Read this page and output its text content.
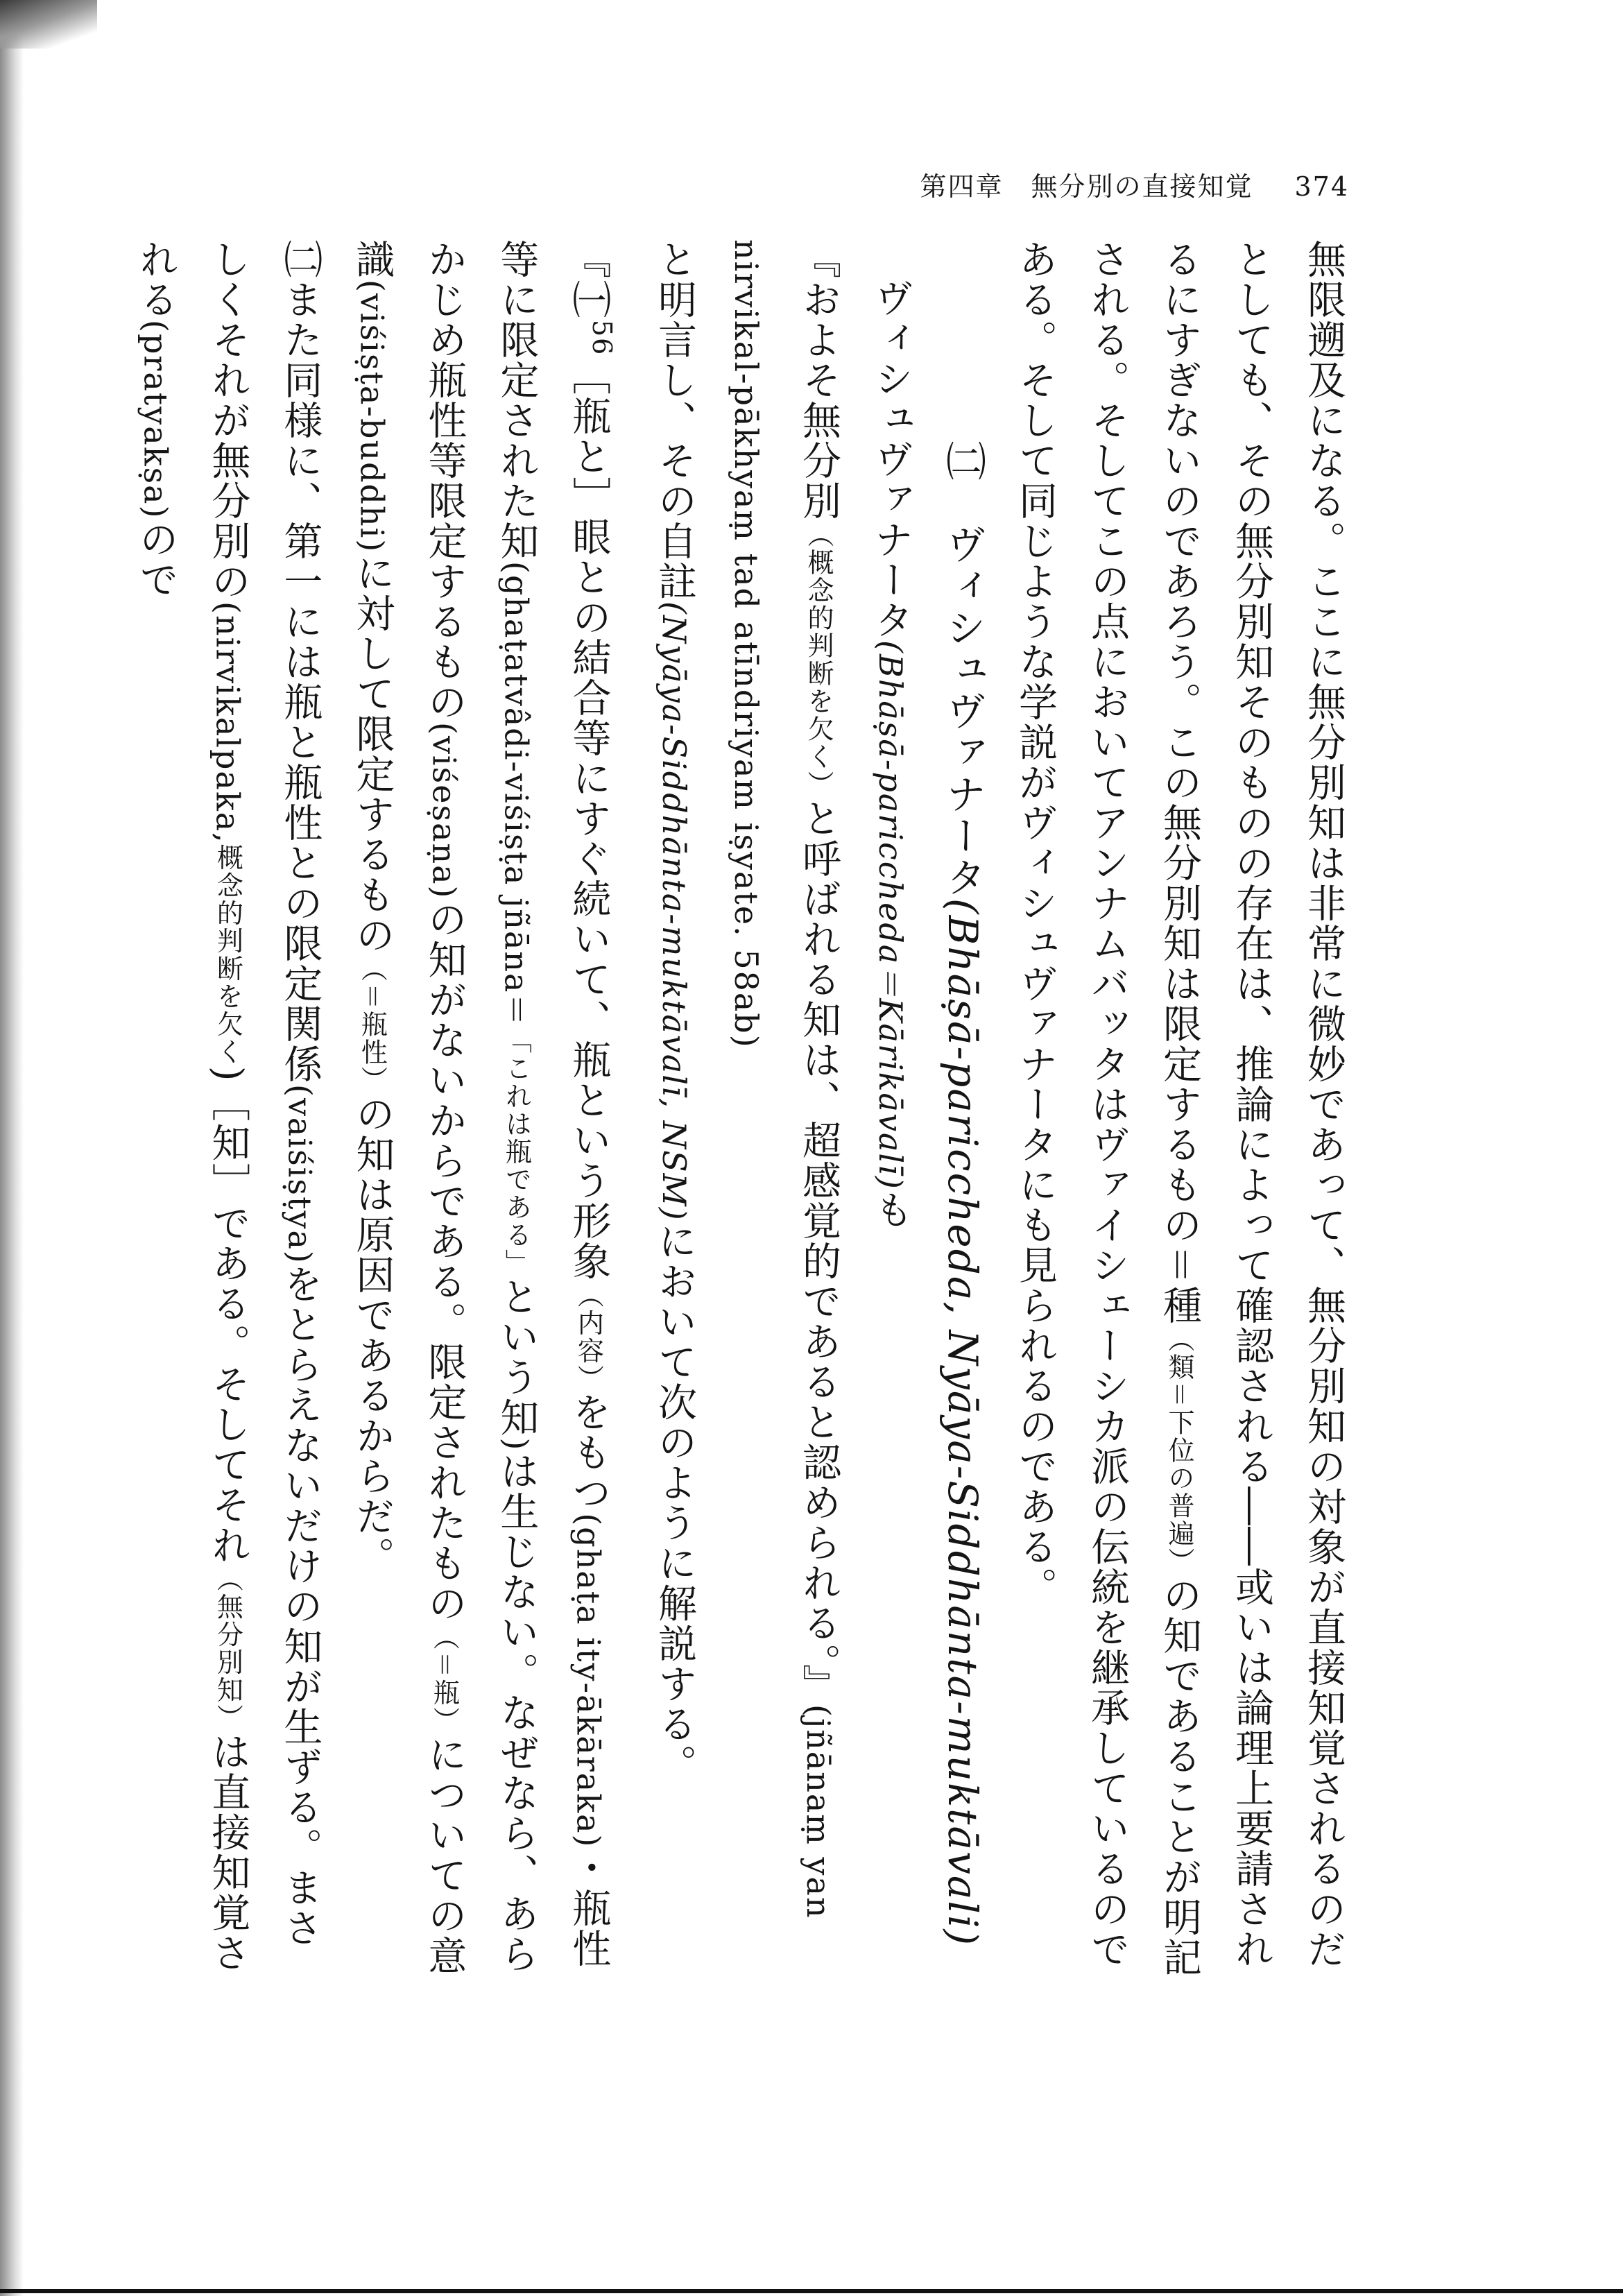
第四章　無分別の直接知覚 374

無限遡及になる。ここに無分別知は非常に微妙であって、無分別知の対象が直接知覚されるのだとしても、その無分別知そのものの存在は、推論によって確認される――或いは論理上要請されるにすぎないのであろう。この無分別知は限定するもの＝種（類＝下位の普遍）の知であることが明記される。そしてこの点においてアンナムバッタはヴァイシェーシカ派の伝統を継承しているのである。そして同じような学説がヴィシュヴァナータにも見られるのである。

㈡　ヴィシュヴァナータ(Bhāṣā-pariccheda, Nyāya-Siddhānta-muktāvali)

ヴィシュヴァナータ(Bhāṣā-pariccheda＝Kārikāvalī)も
『およそ無分別（概念的判断を欠く）と呼ばれる知は、超感覚的であると認められる。』(jñānaṃ yan nirvikal-pākhyaṃ tad atīndriyam iṣyate. 58ab)

と明言し、その自註(Nyāya-Siddhānta-muktāvalī, NSM)において次のように解説する。

『㈠$^{56}$［瓶と］眼との結合等にすぐ続いて、瓶という形象（内容）をもつ(ghaṭa ity-ākāraka)・瓶性等に限定された知(ghaṭatvâdi-viśiṣṭa jñāna＝「これは瓶である」という知)は生じない。なぜなら、あらかじめ瓶性等限定するもの(viśeṣaṇa)の知がないからである。限定されたもの（＝瓶）についての意識(viśiṣṭa-buddhi)に対して限定するもの（＝瓶性）の知は原因であるからだ。

㈡また同様に、第一には瓶と瓶性との限定関係(vaiśiṣṭya)をとらえないだけの知が生ずる。まさしくそれが無分別の(nirvikalpaka,概念的判断を欠く)［知］である。そしてそれ（無分別知）は直接知覚される(pratyakṣa)ので
